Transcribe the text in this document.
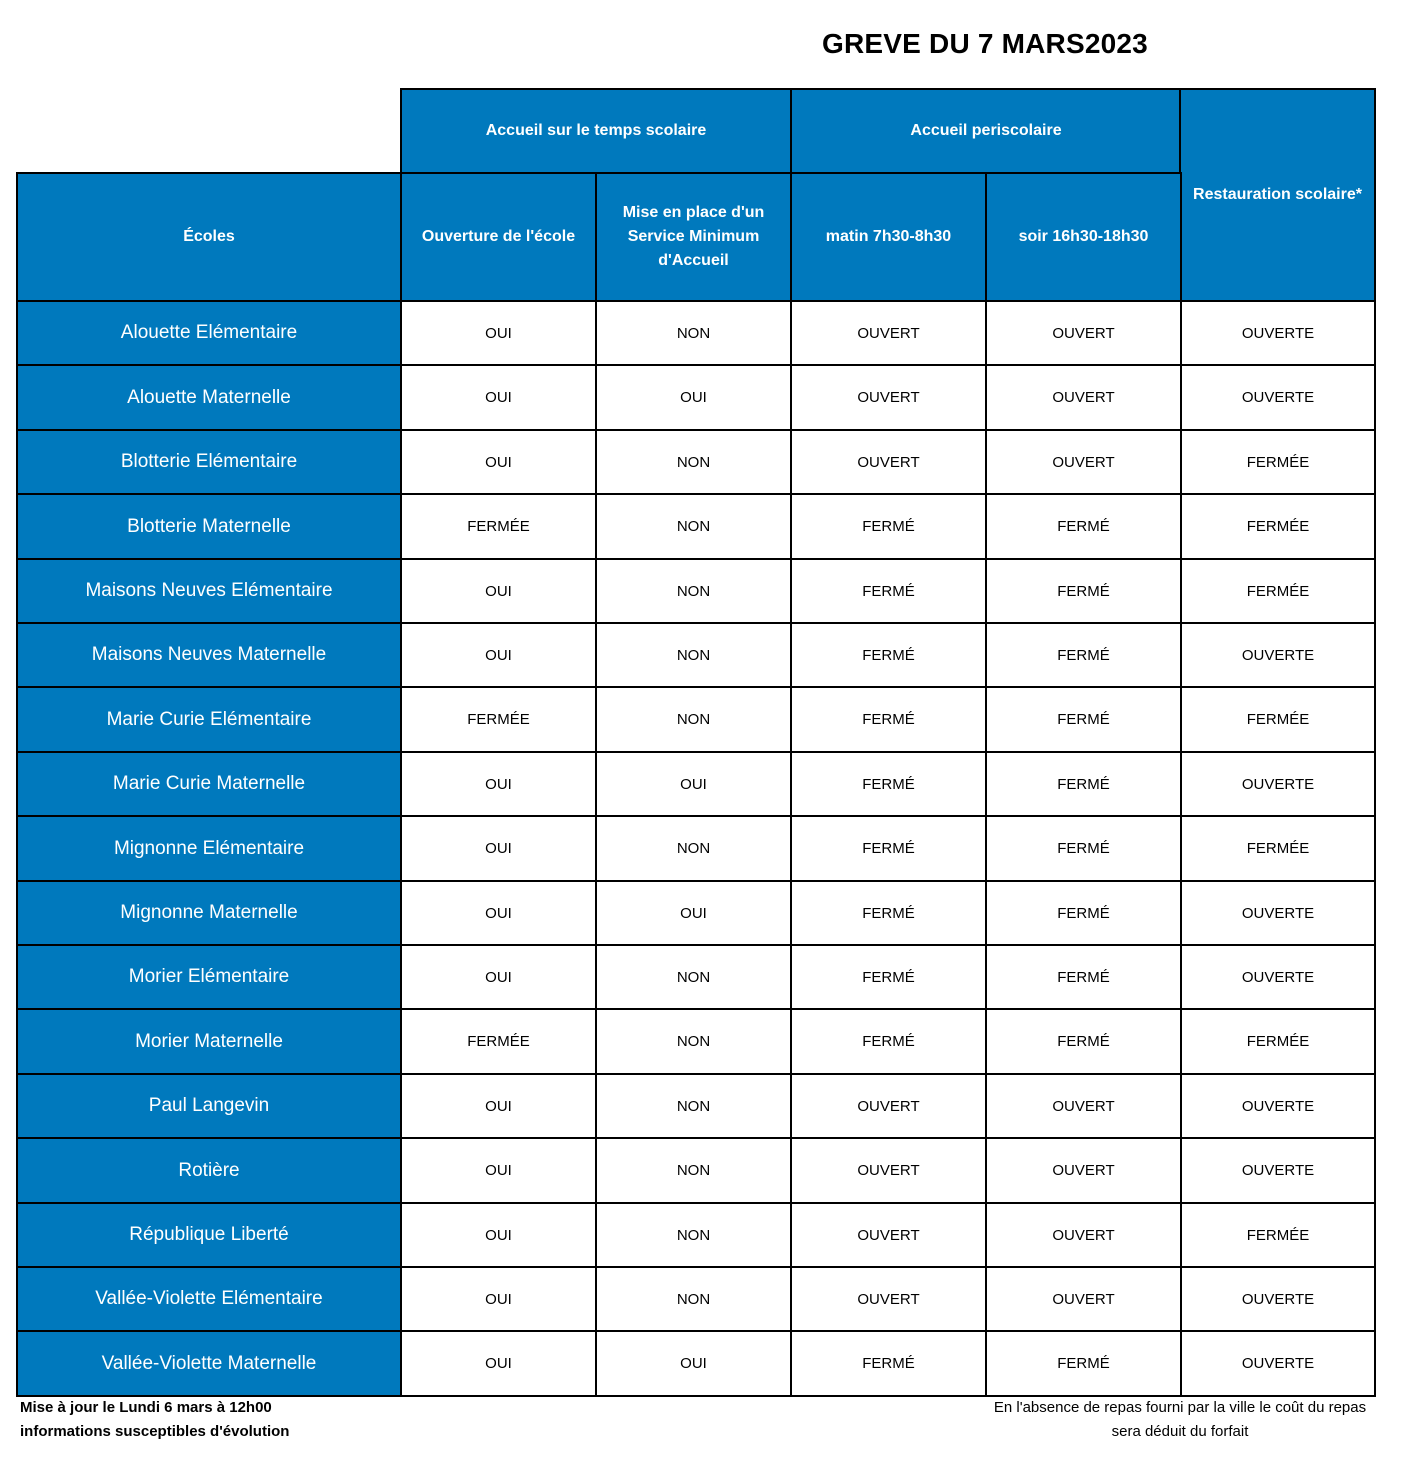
GREVE DU 7 MARS2023
Accueil sur le temps scolaire	Accueil periscolaire
Restauration scolaire*
Écoles	Ouverture de l'école
Mise en place d'un Service Minimum d'Accueil
matin 7h30-8h30	soir 16h30-18h30
Alouette Elémentaire	OUI	NON	OUVERT	OUVERT	OUVERTE
Alouette Maternelle	OUI	OUI	OUVERT	OUVERT	OUVERTE
Blotterie Elémentaire	OUI	NON	OUVERT	OUVERT	FERMÉE
Blotterie Maternelle	FERMÉE	NON	FERMÉ	FERMÉ	FERMÉE
Maisons Neuves Elémentaire	OUI	NON	FERMÉ	FERMÉ	FERMÉE
Maisons Neuves Maternelle	OUI	NON	FERMÉ	FERMÉ	OUVERTE
Marie Curie Elémentaire	FERMÉE	NON	FERMÉ	FERMÉ	FERMÉE
Marie Curie Maternelle	OUI	OUI	FERMÉ	FERMÉ	OUVERTE
Mignonne Elémentaire	OUI	NON	FERMÉ	FERMÉ	FERMÉE
Mignonne Maternelle	OUI	OUI	FERMÉ	FERMÉ	OUVERTE
Morier Elémentaire	OUI	NON	FERMÉ	FERMÉ	OUVERTE
Morier Maternelle	FERMÉE	NON	FERMÉ	FERMÉ	FERMÉE
Paul Langevin	OUI	NON	OUVERT	OUVERT	OUVERTE
Rotière	OUI	NON	OUVERT	OUVERT	OUVERTE
République Liberté	OUI	NON	OUVERT	OUVERT	FERMÉE
Vallée-Violette Elémentaire	OUI	NON	OUVERT	OUVERT	OUVERTE
Vallée-Violette Maternelle	OUI	OUI	FERMÉ	FERMÉ	OUVERTE
Mise à jour le Lundi 6 mars à 12h00
informations susceptibles d'évolution
En l'absence de repas fourni par la ville le coût du repas sera déduit du forfait
